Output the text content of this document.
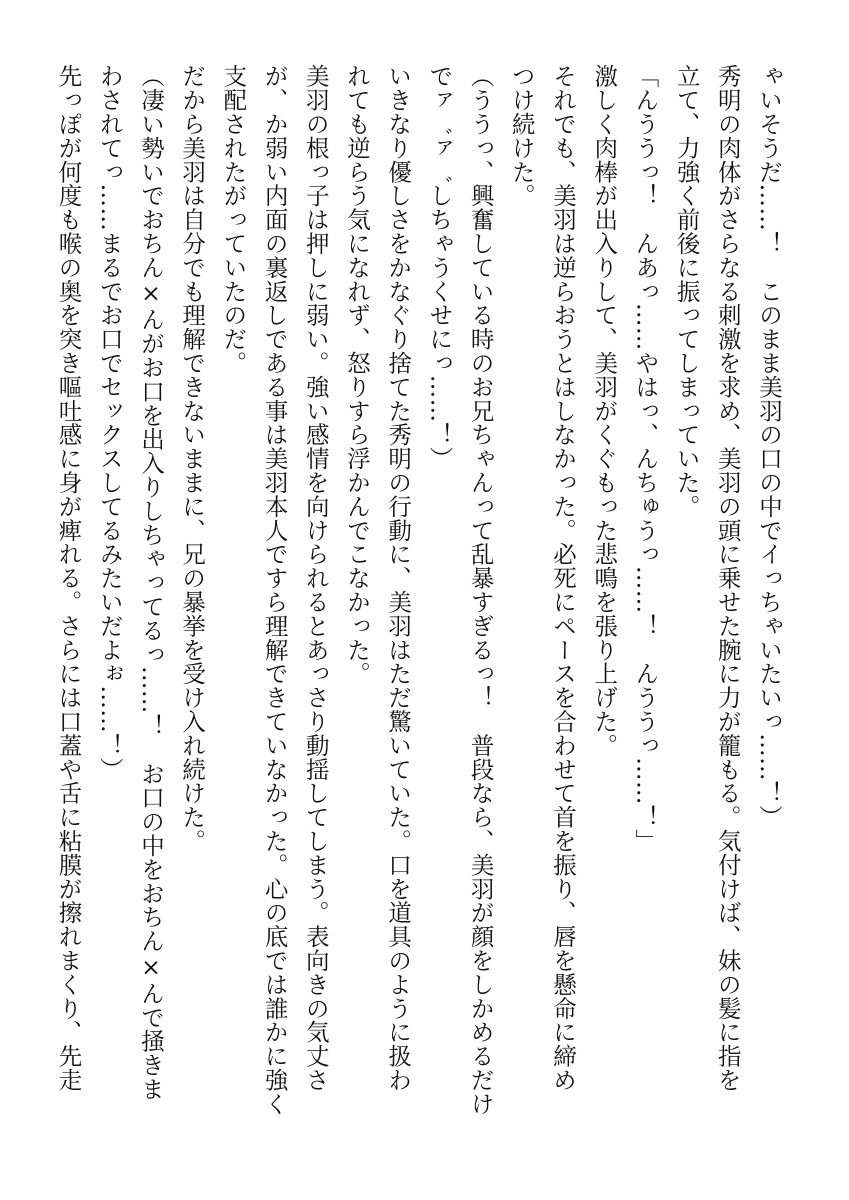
ゃいそうだ……！　このまま美羽の口の中でイっちゃいたいっ……！）

秀明の肉体がさらなる刺激を求め、美羽の頭に乗せた腕に力が籠もる。気付けば、妹の髪に指を

立て、力強く前後に振ってしまっていた。

「んううっ！　んあっ……やはっ、んちゅうっ……！　んううっ……！」

激しく肉棒が出入りして、美羽がくぐもった悲鳴を張り上げた。

それでも、美羽は逆らおうとはしなかった。必死にペースを合わせて首を振り、唇を懸命に締め

つけ続けた。

（ううっ、興奮している時のお兄ちゃんって乱暴すぎるっ！　普段なら、美羽が顔をしかめるだけ

でァ゛ァ゛しちゃうくせにっ……！）

いきなり優しさをかなぐり捨てた秀明の行動に、美羽はただ驚いていた。口を道具のように扱わ

れても逆らう気になれず、怒りすら浮かんでこなかった。

美羽の根っ子は押しに弱い。強い感情を向けられるとあっさり動揺してしまう。表向きの気丈さ

が、か弱い内面の裏返しである事は美羽本人ですら理解できていなかった。心の底では誰かに強く

支配されたがっていたのだ。

だから美羽は自分でも理解できないままに、兄の暴挙を受け入れ続けた。

（凄い勢いでおちん×んがお口を出入りしちゃってるっ……！　お口の中をおちん×んで掻きま

わされてっ……まるでお口でセックスしてるみたいだよぉ……！）

先っぽが何度も喉の奥を突き嘔吐感に身が痺れる。さらには口蓋や舌に粘膜が擦れまくり、先走
